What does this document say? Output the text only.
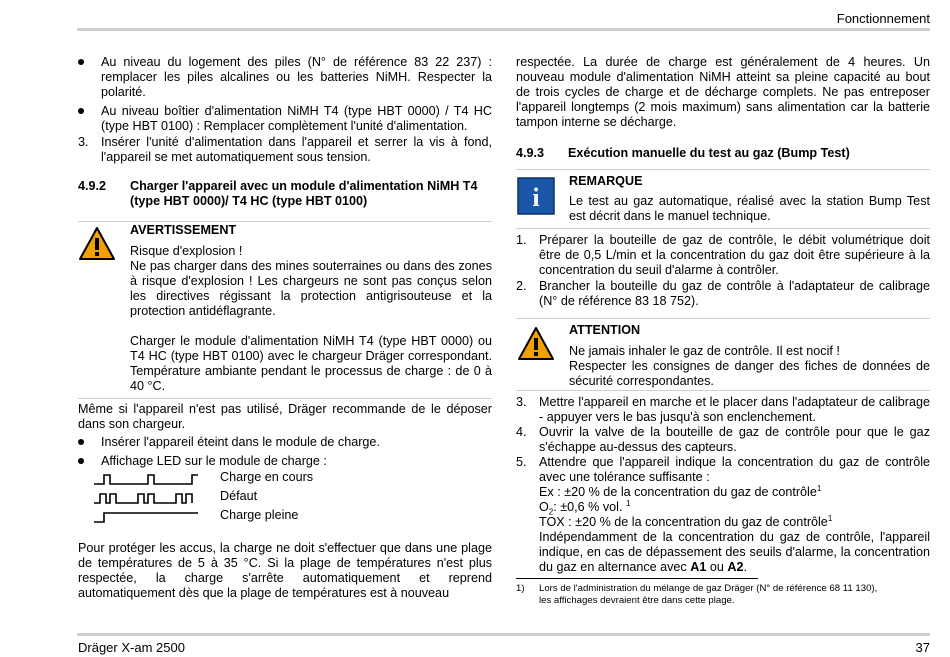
Fonctionnement
Dräger X-am 2500	37
Au niveau du logement des piles (N° de référence 83 22 237) : remplacer les piles alcalines ou les batteries NiMH. Respecter la polarité.
Au niveau boîtier d'alimentation NiMH T4 (type HBT 0000) / T4 HC (type HBT 0100) : Remplacer complètement l'unité d'alimentation.
3. Insérer l'unité d'alimentation dans l'appareil et serrer la vis à fond, l'appareil se met automatiquement sous tension.
4.9.2 Charger l'appareil avec un module d'alimentation NiMH T4 (type HBT 0000)/ T4 HC (type HBT 0100)
AVERTISSEMENT
Risque d'explosion !
Ne pas charger dans des mines souterraines ou dans des zones à risque d'explosion ! Les chargeurs ne sont pas conçus selon les directives régissant la protection antigrisouteuse et la protection antidéflagrante.
Charger le module d'alimentation NiMH T4 (type HBT 0000) ou T4 HC (type HBT 0100) avec le chargeur Dräger correspondant. Température ambiante pendant le processus de charge : de 0 à 40 °C.
Même si l'appareil n'est pas utilisé, Dräger recommande de le déposer dans son chargeur.
Insérer l'appareil éteint dans le module de charge.
Affichage LED sur le module de charge :
Charge en cours
Défaut
Charge pleine
Pour protéger les accus, la charge ne doit s'effectuer que dans une plage de températures de 5 à 35 °C. Si la plage de températures n'est plus respectée, la charge s'arrête automatiquement et reprend automatiquement dès que la plage de températures est à nouveau
respectée. La durée de charge est généralement de 4 heures. Un nouveau module d'alimentation NiMH atteint sa pleine capacité au bout de trois cycles de charge et de décharge complets. Ne pas entreposer l'appareil longtemps (2 mois maximum) sans alimentation car la batterie tampon interne se décharge.
4.9.3 Exécution manuelle du test au gaz (Bump Test)
i
REMARQUE
Le test au gaz automatique, réalisé avec la station Bump Test est décrit dans le manuel technique.
1. Préparer la bouteille de gaz de contrôle, le débit volumétrique doit être de 0,5 L/min et la concentration du gaz doit être supérieure à la concentration du seuil d'alarme à contrôler.
2. Brancher la bouteille du gaz de contrôle à l'adaptateur de calibrage (N° de référence 83 18 752).
ATTENTION
Ne jamais inhaler le gaz de contrôle. Il est nocif !
Respecter les consignes de danger des fiches de données de sécurité correspondantes.
3. Mettre l'appareil en marche et le placer dans l'adaptateur de calibrage - appuyer vers le bas jusqu'à son enclenchement.
4. Ouvrir la valve de la bouteille de gaz de contrôle pour que le gaz s'échappe au-dessus des capteurs.
5. Attendre que l'appareil indique la concentration du gaz de contrôle avec une tolérance suffisante :
Ex : ±20 % de la concentration du gaz de contrôle$^1$
$O_2$: ±0,6 % vol. $^1$
TOX : ±20 % de la concentration du gaz de contrôle$^1$
Indépendamment de la concentration du gaz de contrôle, l'appareil indique, en cas de dépassement des seuils d'alarme, la concentration du gaz en alternance avec A1 ou A2.
1) Lors de l'administration du mélange de gaz Dräger (N° de référence 68 11 130),
les affichages devraient être dans cette plage.
